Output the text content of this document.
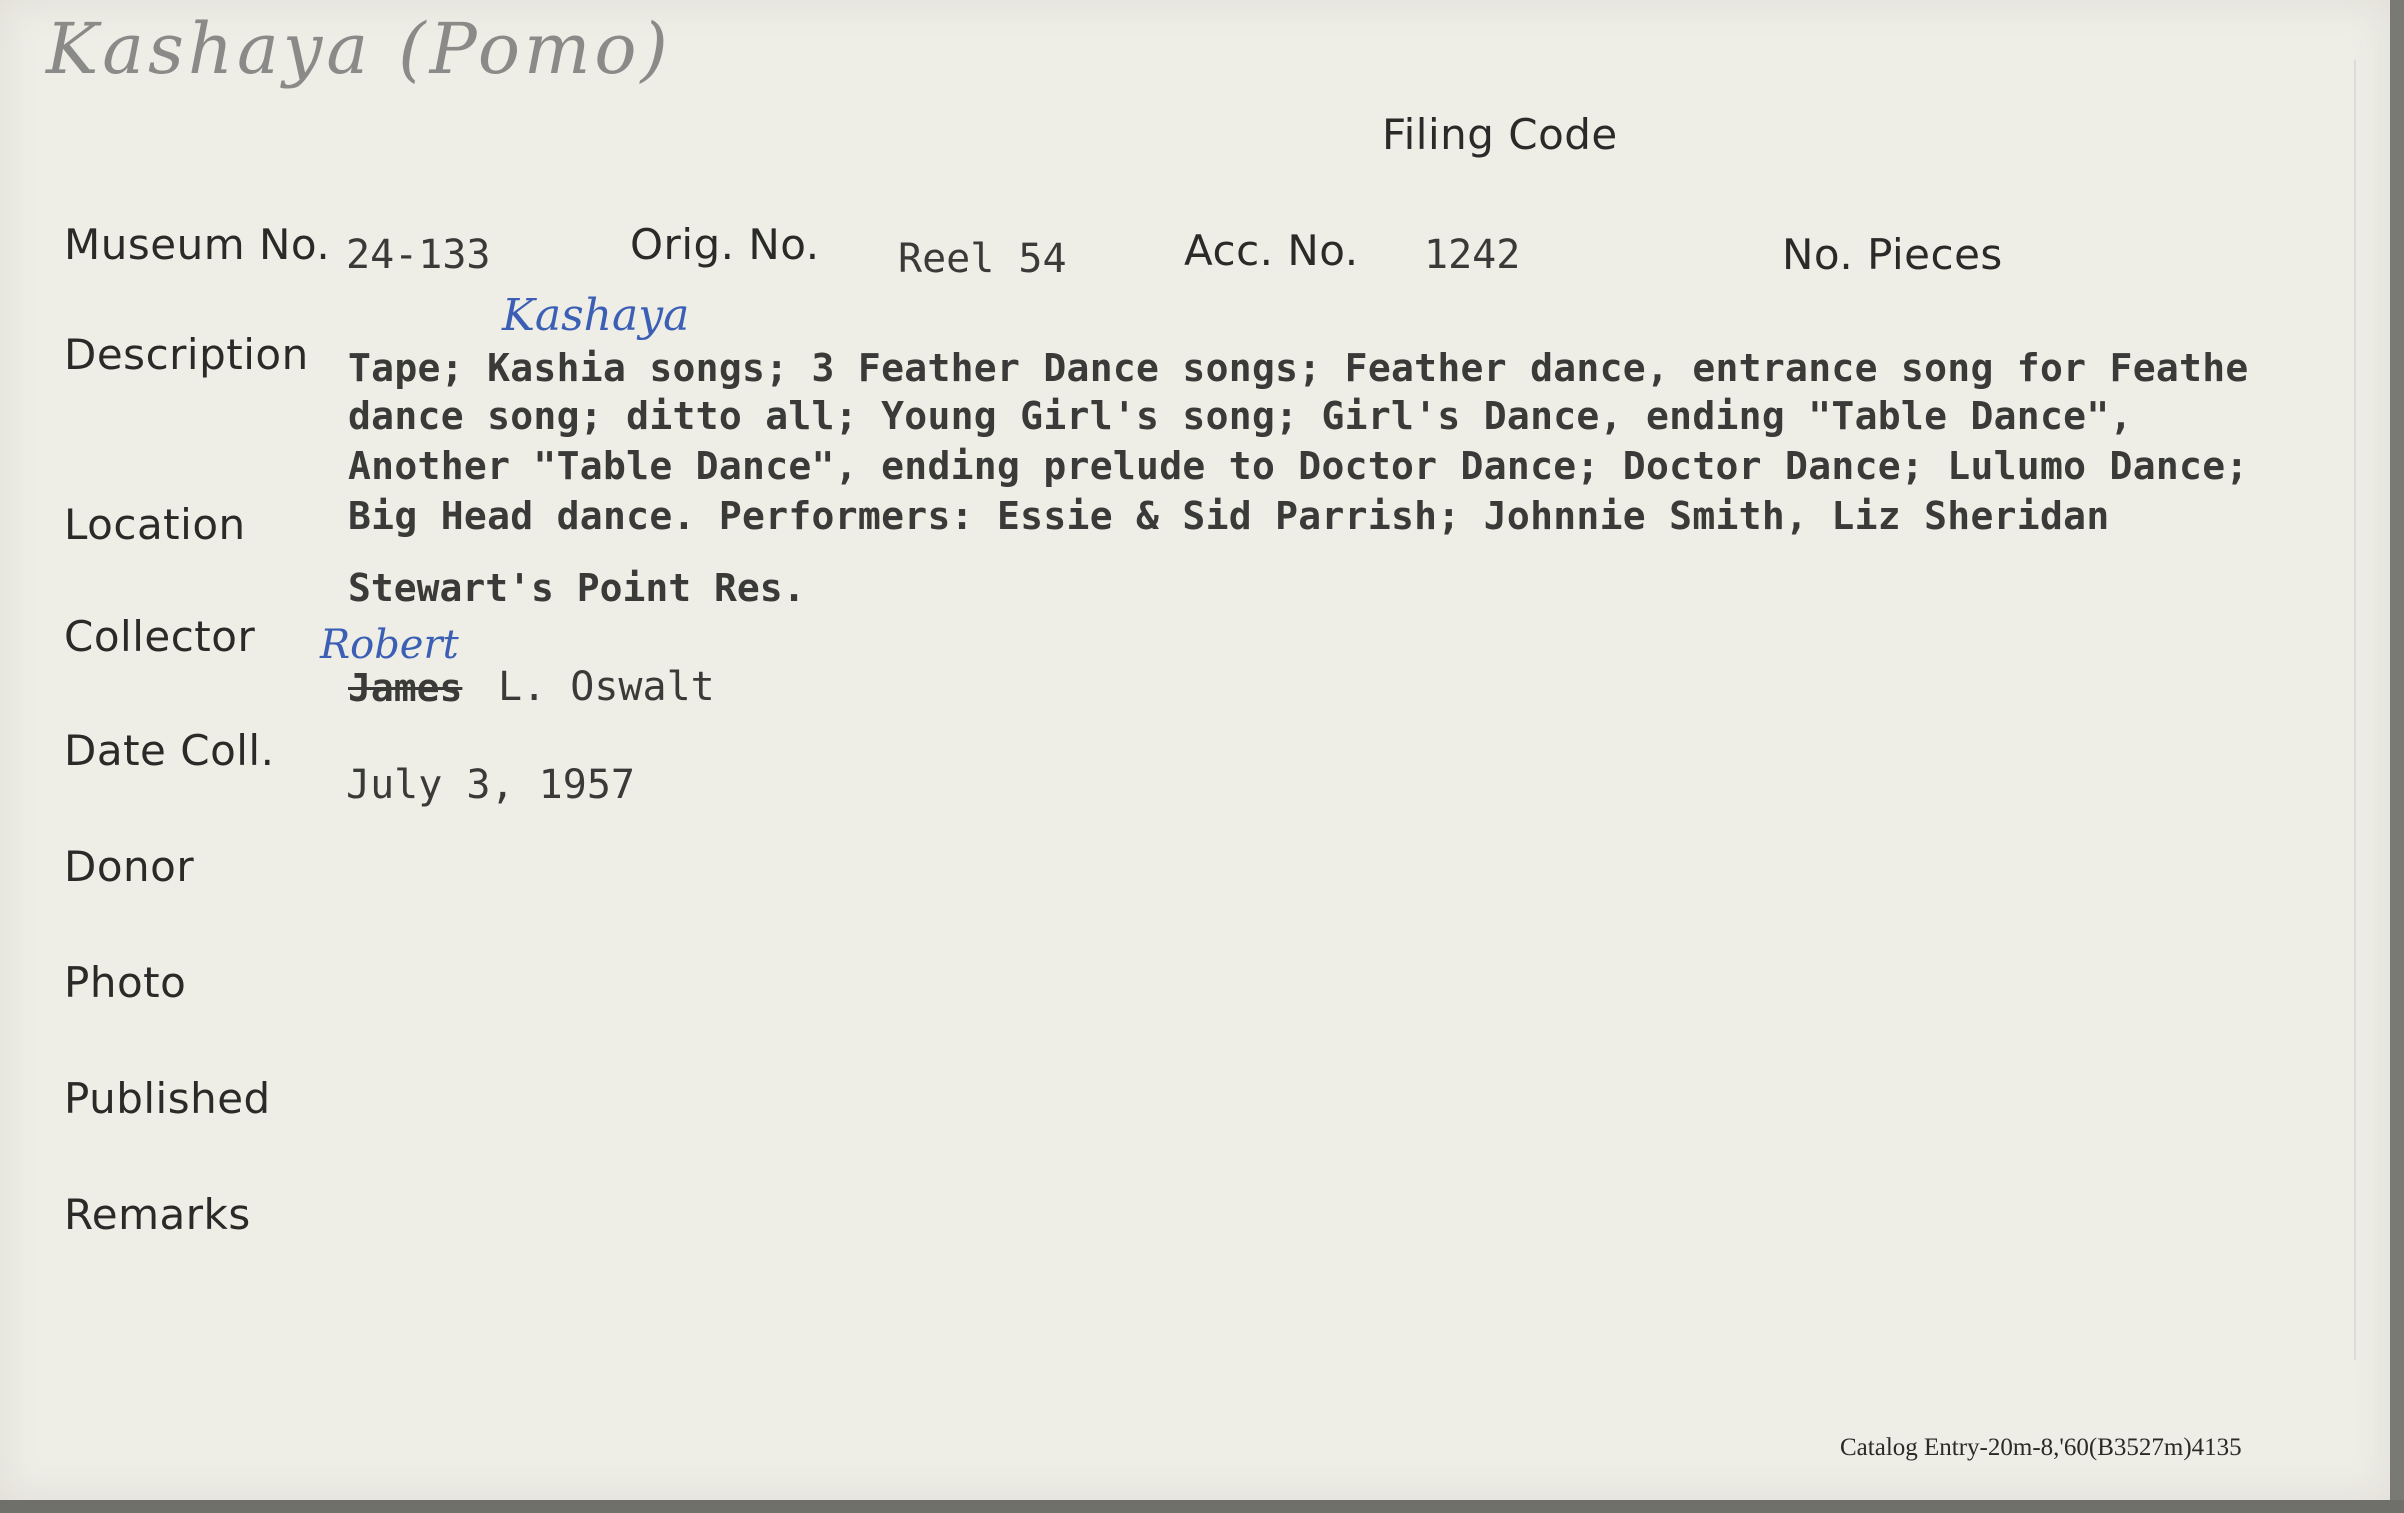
Kashaya (Pomo)
Filing Code
Museum No. 24-133	Orig. No. Reel 54	Acc. No. 1242	No. Pieces
Description
Kashaya
Tape; Kashia songs; 3 Feather Dance songs; Feather dance, entrance song for Feathe
dance song; ditto all; Young Girl's song; Girl's Dance, ending "Table Dance",
Another "Table Dance", ending prelude to Doctor Dance; Doctor Dance; Lulumo Dance;
Big Head dance. Performers: Essie & Sid Parrish; Johnnie Smith, Liz Sheridan
Location
Stewart's Point Res.
Collector Robert
James L. Oswalt
Date Coll.
July 3, 1957
Donor
Photo
Published
Remarks
Catalog Entry-20m-8,'60(B3527m)4135
